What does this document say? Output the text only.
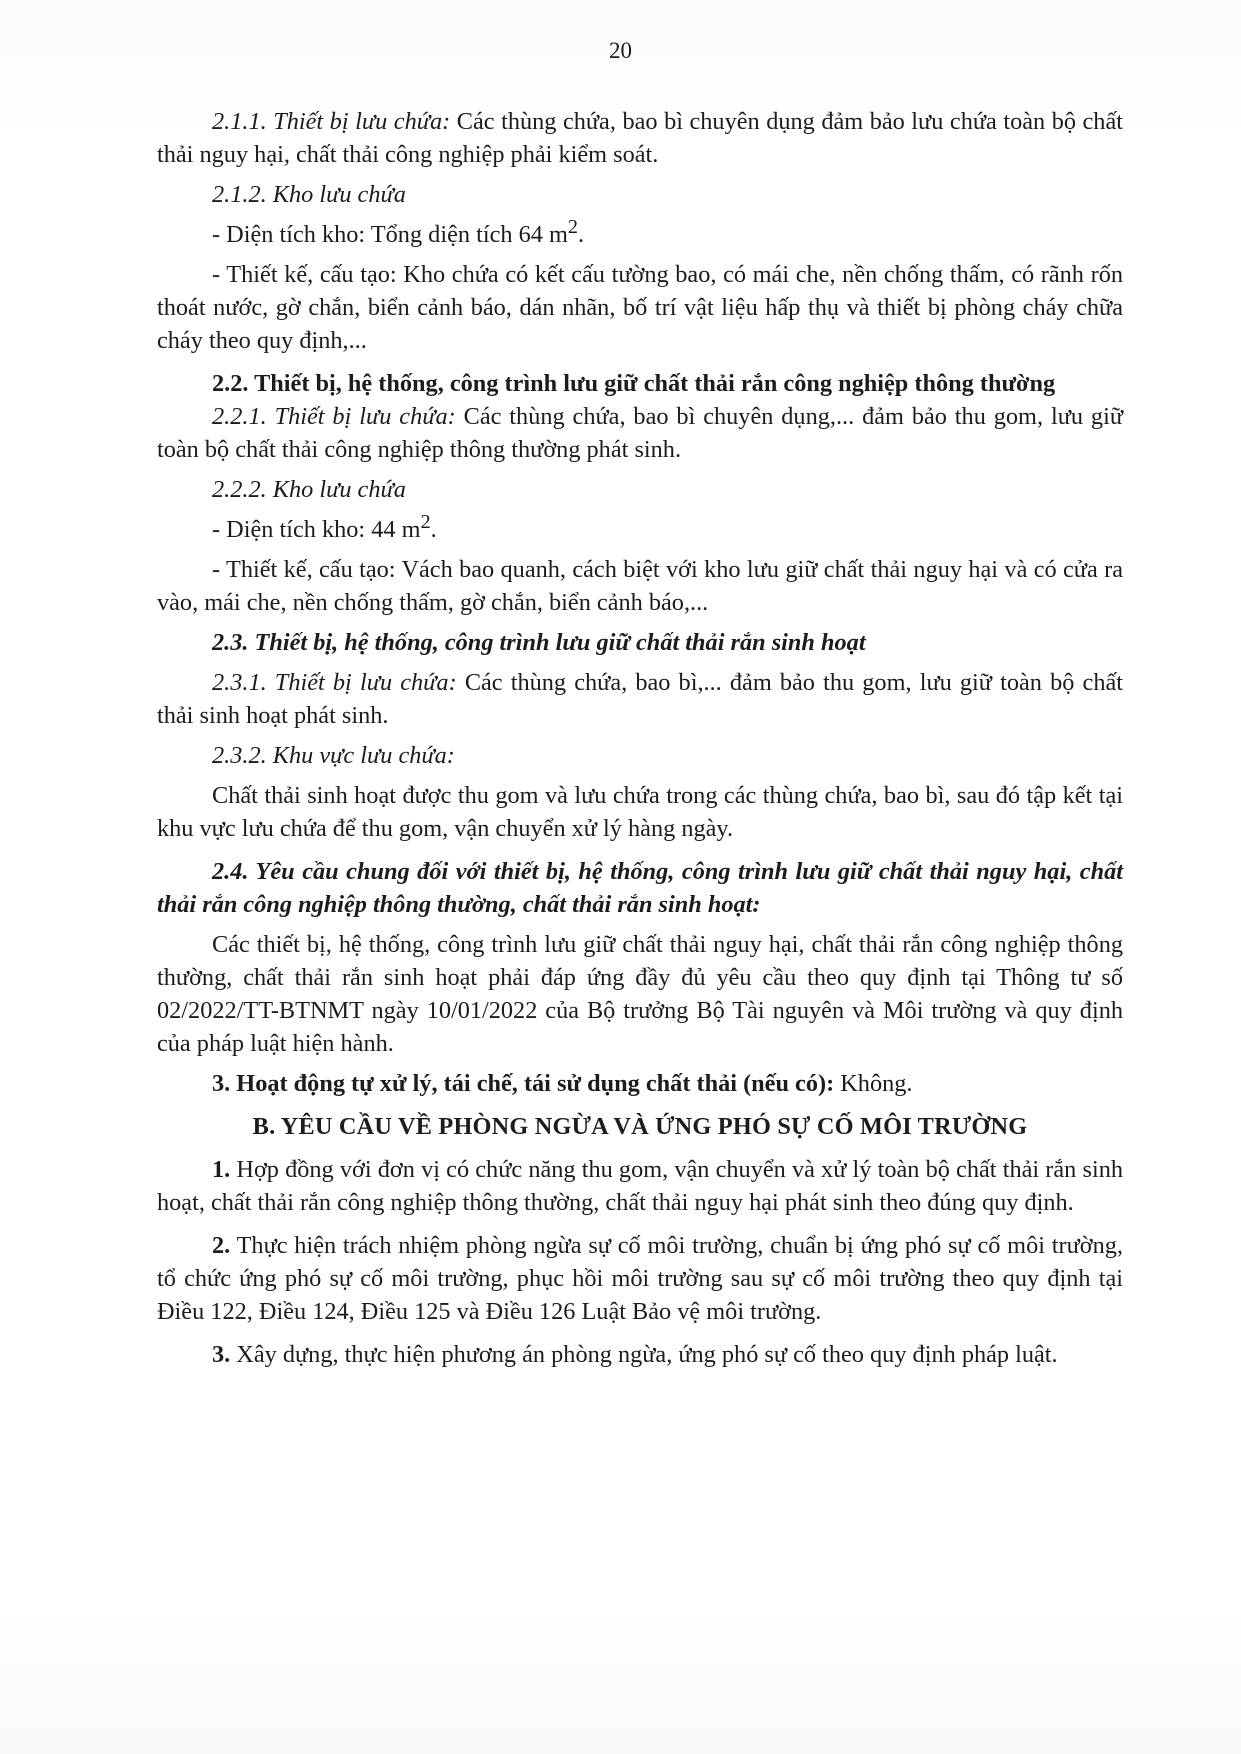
20

2.1.1. Thiết bị lưu chứa: Các thùng chứa, bao bì chuyên dụng đảm bảo lưu chứa toàn bộ chất thải nguy hại, chất thải công nghiệp phải kiểm soát.

2.1.2. Kho lưu chứa

- Diện tích kho: Tổng diện tích 64 $m^2$.

- Thiết kế, cấu tạo: Kho chứa có kết cấu tường bao, có mái che, nền chống thấm, có rãnh rốn thoát nước, gờ chắn, biển cảnh báo, dán nhãn, bố trí vật liệu hấp thụ và thiết bị phòng cháy chữa cháy theo quy định,...

2.2. Thiết bị, hệ thống, công trình lưu giữ chất thải rắn công nghiệp thông thường

2.2.1. Thiết bị lưu chứa: Các thùng chứa, bao bì chuyên dụng,... đảm bảo thu gom, lưu giữ toàn bộ chất thải công nghiệp thông thường phát sinh.

2.2.2. Kho lưu chứa

- Diện tích kho: 44 $m^2$.

- Thiết kế, cấu tạo: Vách bao quanh, cách biệt với kho lưu giữ chất thải nguy hại và có cửa ra vào, mái che, nền chống thấm, gờ chắn, biển cảnh báo,...

2.3. Thiết bị, hệ thống, công trình lưu giữ chất thải rắn sinh hoạt

2.3.1. Thiết bị lưu chứa: Các thùng chứa, bao bì,... đảm bảo thu gom, lưu giữ toàn bộ chất thải sinh hoạt phát sinh.

2.3.2. Khu vực lưu chứa:

Chất thải sinh hoạt được thu gom và lưu chứa trong các thùng chứa, bao bì, sau đó tập kết tại khu vực lưu chứa để thu gom, vận chuyển xử lý hàng ngày.

2.4. Yêu cầu chung đối với thiết bị, hệ thống, công trình lưu giữ chất thải nguy hại, chất thải rắn công nghiệp thông thường, chất thải rắn sinh hoạt:

Các thiết bị, hệ thống, công trình lưu giữ chất thải nguy hại, chất thải rắn công nghiệp thông thường, chất thải rắn sinh hoạt phải đáp ứng đầy đủ yêu cầu theo quy định tại Thông tư số 02/2022/TT-BTNMT ngày 10/01/2022 của Bộ trưởng Bộ Tài nguyên và Môi trường và quy định của pháp luật hiện hành.

3. Hoạt động tự xử lý, tái chế, tái sử dụng chất thải (nếu có): Không.

B. YÊU CẦU VỀ PHÒNG NGỪA VÀ ỨNG PHÓ SỰ CỐ MÔI TRƯỜNG

1. Hợp đồng với đơn vị có chức năng thu gom, vận chuyển và xử lý toàn bộ chất thải rắn sinh hoạt, chất thải rắn công nghiệp thông thường, chất thải nguy hại phát sinh theo đúng quy định.

2. Thực hiện trách nhiệm phòng ngừa sự cố môi trường, chuẩn bị ứng phó sự cố môi trường, tổ chức ứng phó sự cố môi trường, phục hồi môi trường sau sự cố môi trường theo quy định tại Điều 122, Điều 124, Điều 125 và Điều 126 Luật Bảo vệ môi trường.

3. Xây dựng, thực hiện phương án phòng ngừa, ứng phó sự cố theo quy định pháp luật.
